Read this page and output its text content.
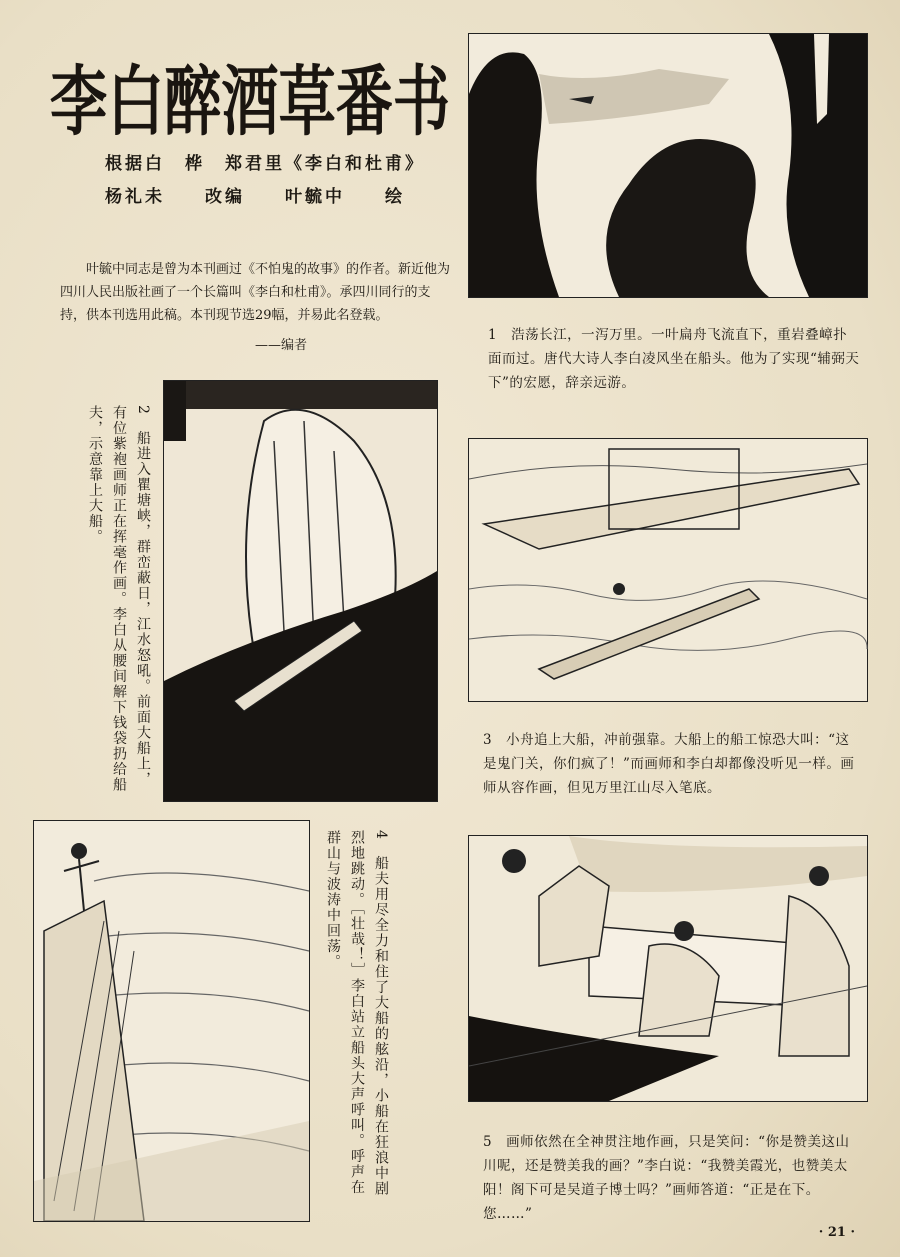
李白醉酒草番书
根据白　桦　郑君里《李白和杜甫》
杨礼未　　改编　　叶毓中　　绘
叶毓中同志是曾为本刊画过《不怕鬼的故事》的作者。新近他为四川人民出版社画了一个长篇叫《李白和杜甫》。承四川同行的支持，供本刊选用此稿。本刊现节选29幅，并易此名登载。
——编者
1　浩荡长江，一泻万里。一叶扁舟飞流直下，重岩叠嶂扑面而过。唐代大诗人李白凌风坐在船头。他为了实现“辅弼天下”的宏愿，辞亲远游。
2　船进入瞿塘峡，群峦蔽日，江水怒吼。前面大船上，有位紫袍画师正在挥毫作画。李白从腰间解下钱袋扔给船夫，示意靠上大船。
3　小舟追上大船，冲前强靠。大船上的船工惊恐大叫：“这是鬼门关，你们疯了！”而画师和李白却都像没听见一样。画师从容作画，但见万里江山尽入笔底。
4　船夫用尽全力和住了大船的舷沿，小船在狂浪中剧烈地跳动。［壮哉！］李白站立船头大声呼叫。呼声在群山与波涛中回荡。
5　画师依然在全神贯注地作画，只是笑问：“你是赞美这山川呢，还是赞美我的画？”李白说：“我赞美霞光，也赞美太阳！阁下可是吴道子博士吗？”画师答道：“正是在下。您……”
· 21 ·
